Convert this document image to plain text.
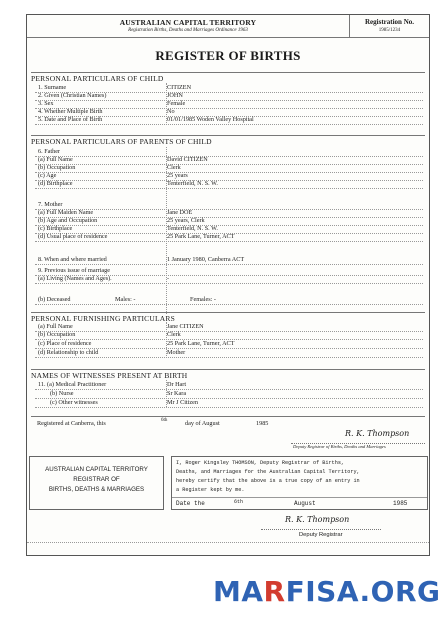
AUSTRALIAN CAPITAL TERRITORY
Registration Births, Deaths and Marriages Ordinance 1963
Registration No.
1985/1234
REGISTER OF BIRTHS
PERSONAL PARTICULARS OF CHILD
1. Surname	CITIZEN
2. Given (Christian Names)	JOHN
3. Sex	Female
4. Whether Multiple Birth	No
5. Date and Place of Birth	01/01/1985 Woden Valley Hospital
PERSONAL PARTICULARS OF PARENTS OF CHILD
6. Father
(a) Full Name	David CITIZEN
(b) Occupation	Clerk
(c) Age	25 years
(d) Birthplace	Tenterfield, N. S. W.
7. Mother
(a) Full Maiden Name	Jane DOE
(b) Age and Occupation	25 years, Clerk
(c) Birthplace	Tenterfield, N. S. W.
(d) Usual place of residence	25 Park Lane, Turner, ACT
8. When and where married	1 January 1980, Canberra ACT
9. Previous issue of marriage
(a) Living (Names and Ages).	-
(b) Deceased	Males: -	Females: -
PERSONAL FURNISHING PARTICULARS
(a) Full Name	Jane CITIZEN
(b) Occupation	Clerk
(c) Place of residence	25 Park Lane, Turner, ACT
(d) Relationship to child	Mother
NAMES OF WITNESSES PRESENT AT BIRTH
11. (a) Medical Practitioner	Dr Hart
(b) Nurse	Sr Kara
(c) Other witnesses	Mr J Citizen
Registered at Canberra, this	6th	day of August	1985
R. K. Thompson
Deputy Registrar of Births, Deaths and Marriages
AUSTRALIAN CAPITAL TERRITORY
REGISTRAR OF
BIRTHS, DEATHS & MARRIAGES
I, Roger Kingsley THOMSON, Deputy Registrar of Births,
Deaths, and Marriages for the Australian Capital Territory,
hereby certify that the above is a true copy of an entry in
a Register kept by me.
Date the	6th	August	1985
R. K. Thompson
Deputy Registrar
MARFISA.ORG
